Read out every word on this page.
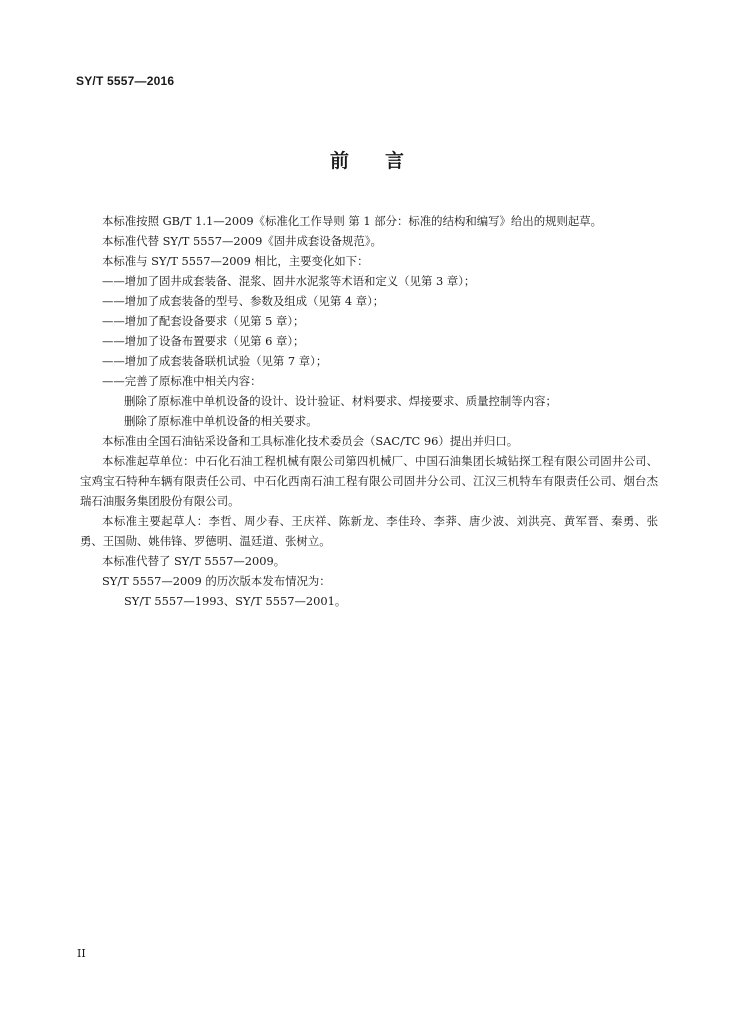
SY/T 5557—2016
前言

本标准按照 GB/T 1.1—2009《标准化工作导则 第 1 部分：标准的结构和编写》给出的规则起草。

本标准代替 SY/T 5557—2009《固井成套设备规范》。

本标准与 SY/T 5557—2009 相比，主要变化如下：

——增加了固井成套装备、混浆、固井水泥浆等术语和定义（见第 3 章）；

——增加了成套装备的型号、参数及组成（见第 4 章）；

——增加了配套设备要求（见第 5 章）；

——增加了设备布置要求（见第 6 章）；

——增加了成套装备联机试验（见第 7 章）；

——完善了原标准中相关内容：

删除了原标准中单机设备的设计、设计验证、材料要求、焊接要求、质量控制等内容；

删除了原标准中单机设备的相关要求。

本标准由全国石油钻采设备和工具标准化技术委员会（SAC/TC 96）提出并归口。

本标准起草单位：中石化石油工程机械有限公司第四机械厂、中国石油集团长城钻探工程有限公司固井公司、宝鸡宝石特种车辆有限责任公司、中石化西南石油工程有限公司固井分公司、江汉三机特车有限责任公司、烟台杰瑞石油服务集团股份有限公司。

本标准主要起草人：李哲、周少春、王庆祥、陈新龙、李佳玲、李莽、唐少波、刘洪亮、黄军晋、秦勇、张勇、王国勋、姚伟锋、罗德明、温廷道、张树立。

本标准代替了 SY/T 5557—2009。

SY/T 5557—2009 的历次版本发布情况为：

SY/T 5557—1993、SY/T 5557—2001。

II
